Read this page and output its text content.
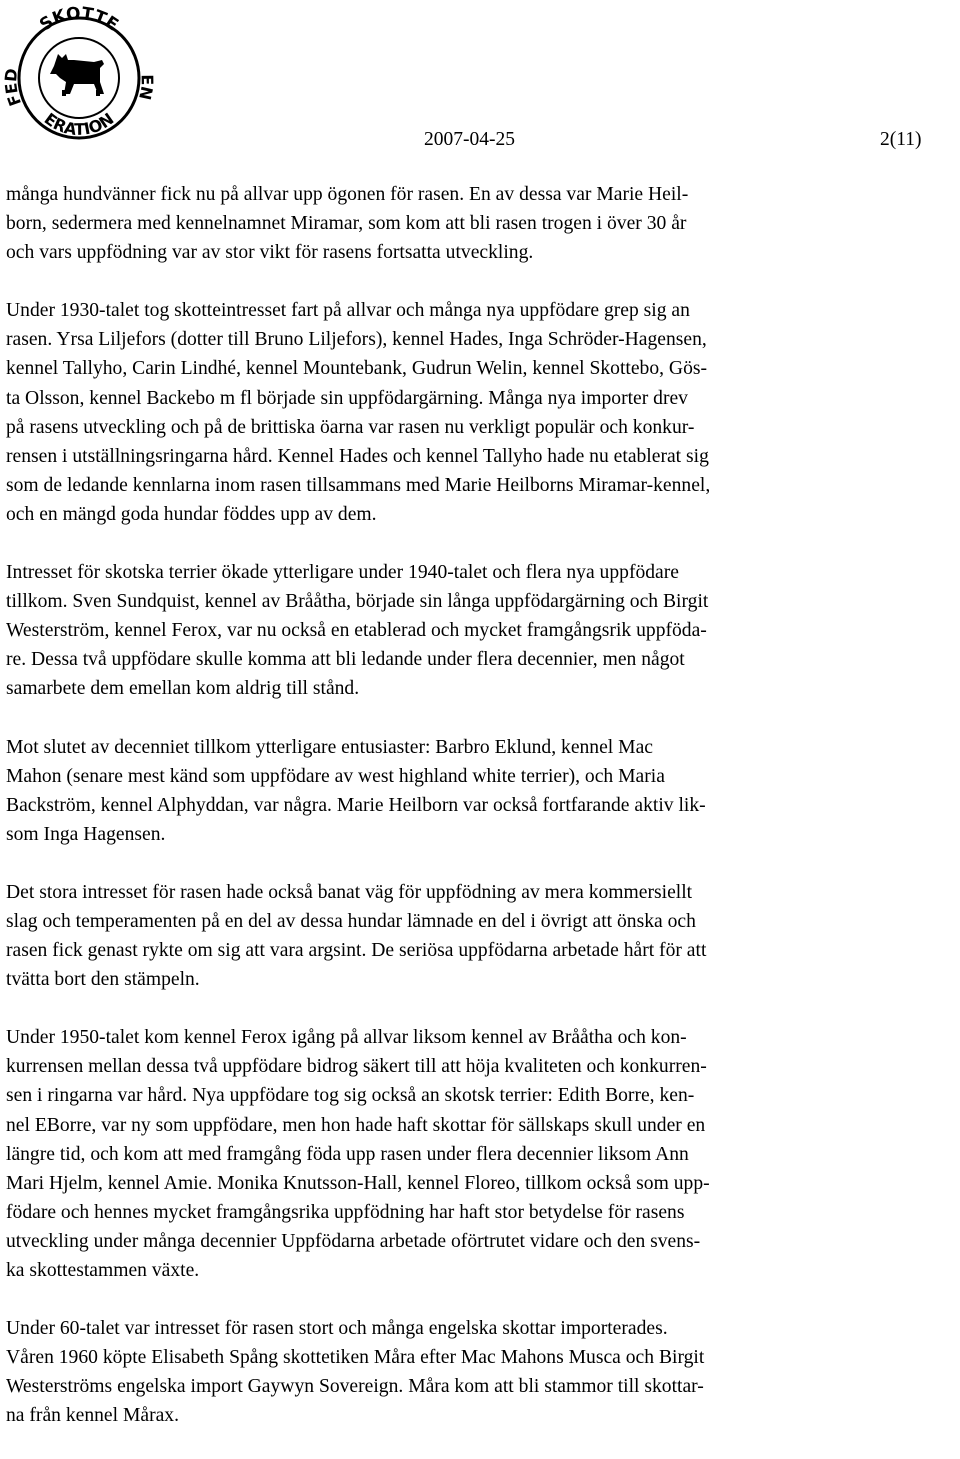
SKOTTE
F
ERATION
2007-04-25	2(11)
många hundvänner fick nu på allvar upp ögonen för rasen. En av dessa var Marie Heil-
born, sedermera med kennelnamnet Miramar, som kom att bli rasen trogen i över 30 år
och vars uppfödning var av stor vikt för rasens fortsatta utveckling.
Under 1930-talet tog skotteintresset fart på allvar och många nya uppfödare grep sig an
rasen. Yrsa Liljefors (dotter till Bruno Liljefors), kennel Hades, Inga Schröder-Hagensen,
kennel Tallyho, Carin Lindhé, kennel Mountebank, Gudrun Welin, kennel Skottebo, Gös-
ta Olsson, kennel Backebo m fl började sin uppfödargärning. Många nya importer drev
på rasens utveckling och på de brittiska öarna var rasen nu verkligt populär och konkur-
rensen i utställningsringarna hård. Kennel Hades och kennel Tallyho hade nu etablerat sig
som de ledande kennlarna inom rasen tillsammans med Marie Heilborns Miramar-kennel,
och en mängd goda hundar föddes upp av dem.
Intresset för skotska terrier ökade ytterligare under 1940-talet och flera nya uppfödare
tillkom. Sven Sundquist, kennel av Brååtha, började sin långa uppfödargärning och Birgit
Westerström, kennel Ferox, var nu också en etablerad och mycket framgångsrik uppföda-
re. Dessa två uppfödare skulle komma att bli ledande under flera decennier, men något
samarbete dem emellan kom aldrig till stånd.
Mot slutet av decenniet tillkom ytterligare entusiaster: Barbro Eklund, kennel Mac
Mahon (senare mest känd som uppfödare av west highland white terrier), och Maria
Backström, kennel Alphyddan, var några. Marie Heilborn var också fortfarande aktiv lik-
som Inga Hagensen.
Det stora intresset för rasen hade också banat väg för uppfödning av mera kommersiellt
slag och temperamenten på en del av dessa hundar lämnade en del i övrigt att önska och
rasen fick genast rykte om sig att vara argsint. De seriösa uppfödarna arbetade hårt för att
tvätta bort den stämpeln.
Under 1950-talet kom kennel Ferox igång på allvar liksom kennel av Brååtha och kon-
kurrensen mellan dessa två uppfödare bidrog säkert till att höja kvaliteten och konkurren-
sen i ringarna var hård. Nya uppfödare tog sig också an skotsk terrier: Edith Borre, ken-
nel EBorre, var ny som uppfödare, men hon hade haft skottar för sällskaps skull under en
längre tid, och kom att med framgång föda upp rasen under flera decennier liksom Ann
Mari Hjelm, kennel Amie. Monika Knutsson-Hall, kennel Floreo, tillkom också som upp-
födare och hennes mycket framgångsrika uppfödning har haft stor betydelse för rasens
utveckling under många decennier Uppfödarna arbetade oförtrutet vidare och den svens-
ka skottestammen växte.
Under 60-talet var intresset för rasen stort och många engelska skottar importerades.
Våren 1960 köpte Elisabeth Spång skottetiken Måra efter Mac Mahons Musca och Birgit
Westerströms engelska import Gaywyn Sovereign. Måra kom att bli stammor till skottar-
na från kennel Mårax.
